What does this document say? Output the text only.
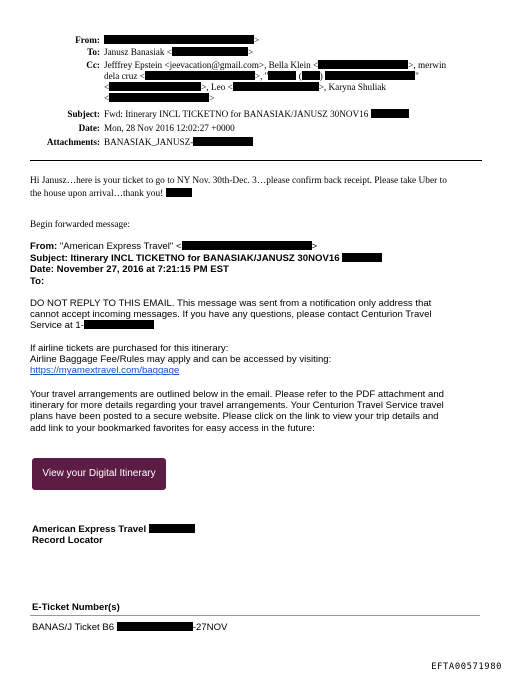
From:	>
To: Janusz Banasiak <	>
Cc: Jefffrey Epstein <jeevacation@gmail.com>, Bella Klein <	>, merwin
dela cruz <	>, "	( )	"
<	>, Leo <	>, Karyna Shuliak
<	>
Subject: Fwd: Itinerary INCL TICKETNO for BANASIAK/JANUSZ 30NOV16
Date: Mon, 28 Nov 2016 12:02:27 +0000
Attachments: BANASIAK_JANUSZ-
Hi Janusz…here is your ticket to go to NY Nov. 30th-Dec. 3…please confirm back receipt. Please take Uber to
the house upon arrival…thank you!
Begin forwarded message:
From: "American Express Travel" <	>
Subject: Itinerary INCL TICKETNO for BANASIAK/JANUSZ 30NOV16
Date: November 27, 2016 at 7:21:15 PM EST
To:
DO NOT REPLY TO THIS EMAIL. This message was sent from a notification only address that
cannot accept incoming messages. If you have any questions, please contact Centurion Travel
Service at 1-
If airline tickets are purchased for this itinerary:
Airline Baggage Fee/Rules may apply and can be accessed by visiting:
https://myamextravel.com/baggage
Your travel arrangements are outlined below in the email. Please refer to the PDF attachment and
itinerary for more details regarding your travel arrangements. Your Centurion Travel Service travel
plans have been posted to a secure website. Please click on the link to view your trip details and
add link to your bookmarked favorites for easy access in the future:
View your Digital Itinerary
American Express Travel
Record Locator
E-Ticket Number(s)
BANAS/J Ticket B6	-27NOV
EFTA00571980
